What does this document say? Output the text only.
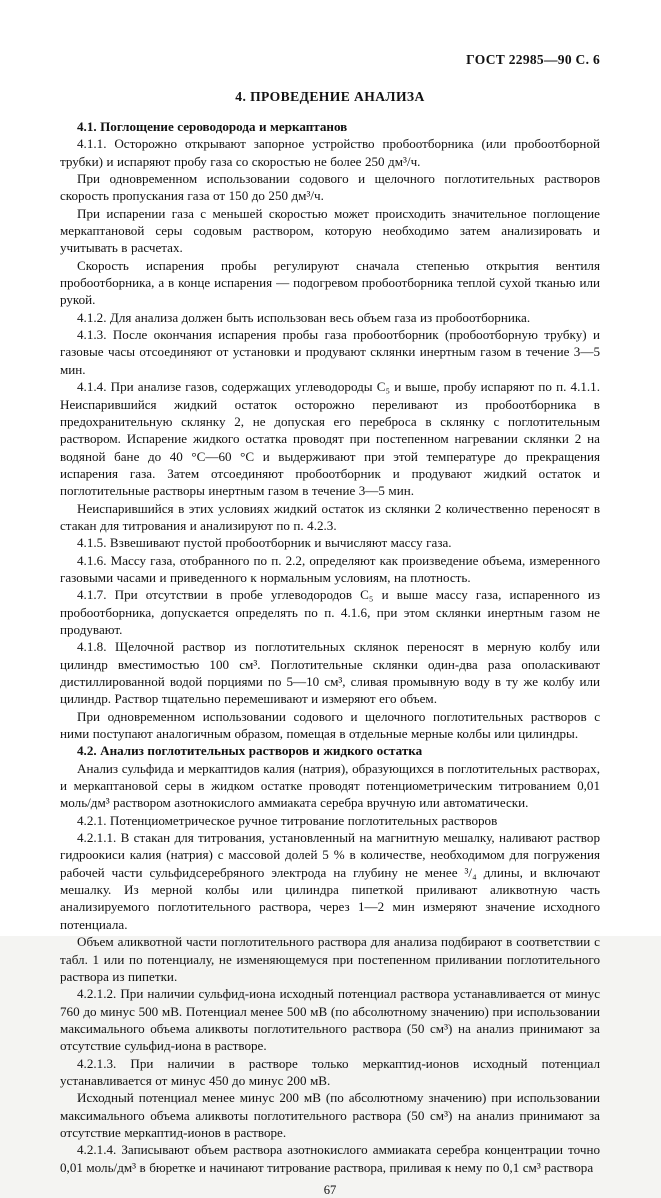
ГОСТ 22985—90 С. 6
4. ПРОВЕДЕНИЕ АНАЛИЗА

4.1. Поглощение сероводорода и меркаптанов

4.1.1. Осторожно открывают запорное устройство пробоотборника (или пробоотборной трубки) и испаряют пробу газа со скоростью не более 250 дм³/ч.

При одновременном использовании содового и щелочного поглотительных растворов скорость пропускания газа от 150 до 250 дм³/ч.

При испарении газа с меньшей скоростью может происходить значительное поглощение меркаптановой серы содовым раствором, которую необходимо затем анализировать и учитывать в расчетах.

Скорость испарения пробы регулируют сначала степенью открытия вентиля пробоотборника, а в конце испарения — подогревом пробоотборника теплой сухой тканью или рукой.

4.1.2. Для анализа должен быть использован весь объем газа из пробоотборника.

4.1.3. После окончания испарения пробы газа пробоотборник (пробоотборную трубку) и газовые часы отсоединяют от установки и продувают склянки инертным газом в течение 3—5 мин.

4.1.4. При анализе газов, содержащих углеводороды С₅ и выше, пробу испаряют по п. 4.1.1. Неиспарившийся жидкий остаток осторожно переливают из пробоотборника в предохранительную склянку 2, не допуская его переброса в склянку с поглотительным раствором. Испарение жидкого остатка проводят при постепенном нагревании склянки 2 на водяной бане до 40 °С—60 °С и выдерживают при этой температуре до прекращения испарения газа. Затем отсоединяют пробоотборник и продувают жидкий остаток и поглотительные растворы инертным газом в течение 3—5 мин.

Неиспарившийся в этих условиях жидкий остаток из склянки 2 количественно переносят в стакан для титрования и анализируют по п. 4.2.3.

4.1.5. Взвешивают пустой пробоотборник и вычисляют массу газа.

4.1.6. Массу газа, отобранного по п. 2.2, определяют как произведение объема, измеренного газовыми часами и приведенного к нормальным условиям, на плотность.

4.1.7. При отсутствии в пробе углеводородов С₅ и выше массу газа, испаренного из пробоотборника, допускается определять по п. 4.1.6, при этом склянки инертным газом не продувают.

4.1.8. Щелочной раствор из поглотительных склянок переносят в мерную колбу или цилиндр вместимостью 100 см³. Поглотительные склянки один-два раза ополаскивают дистиллированной водой порциями по 5—10 см³, сливая промывную воду в ту же колбу или цилиндр. Раствор тщательно перемешивают и измеряют его объем.

При одновременном использовании содового и щелочного поглотительных растворов с ними поступают аналогичным образом, помещая в отдельные мерные колбы или цилиндры.

4.2. Анализ поглотительных растворов и жидкого остатка

Анализ сульфида и меркаптидов калия (натрия), образующихся в поглотительных растворах, и меркаптановой серы в жидком остатке проводят потенциометрическим титрованием 0,01 моль/дм³ раствором азотнокислого аммиаката серебра вручную или автоматически.

4.2.1. Потенциометрическое ручное титрование поглотительных растворов

4.2.1.1. В стакан для титрования, установленный на магнитную мешалку, наливают раствор гидроокиси калия (натрия) с массовой долей 5 % в количестве, необходимом для погружения рабочей части сульфидсеребряного электрода на глубину не менее ³/₄ длины, и включают мешалку. Из мерной колбы или цилиндра пипеткой приливают аликвотную часть анализируемого поглотительного раствора, через 1—2 мин измеряют значение исходного потенциала.

Объем аликвотной части поглотительного раствора для анализа подбирают в соответствии с табл. 1 или по потенциалу, не изменяющемуся при постепенном приливании поглотительного раствора из пипетки.

4.2.1.2. При наличии сульфид-иона исходный потенциал раствора устанавливается от минус 760 до минус 500 мВ. Потенциал менее 500 мВ (по абсолютному значению) при использовании максимального объема аликвоты поглотительного раствора (50 см³) на анализ принимают за отсутствие сульфид-иона в растворе.

4.2.1.3. При наличии в растворе только меркаптид-ионов исходный потенциал устанавливается от минус 450 до минус 200 мВ.

Исходный потенциал менее минус 200 мВ (по абсолютному значению) при использовании максимального объема аликвоты поглотительного раствора (50 см³) на анализ принимают за отсутствие меркаптид-ионов в растворе.

4.2.1.4. Записывают объем раствора азотнокислого аммиаката серебра концентрации точно 0,01 моль/дм³ в бюретке и начинают титрование раствора, приливая к нему по 0,1 см³ раствора

67
